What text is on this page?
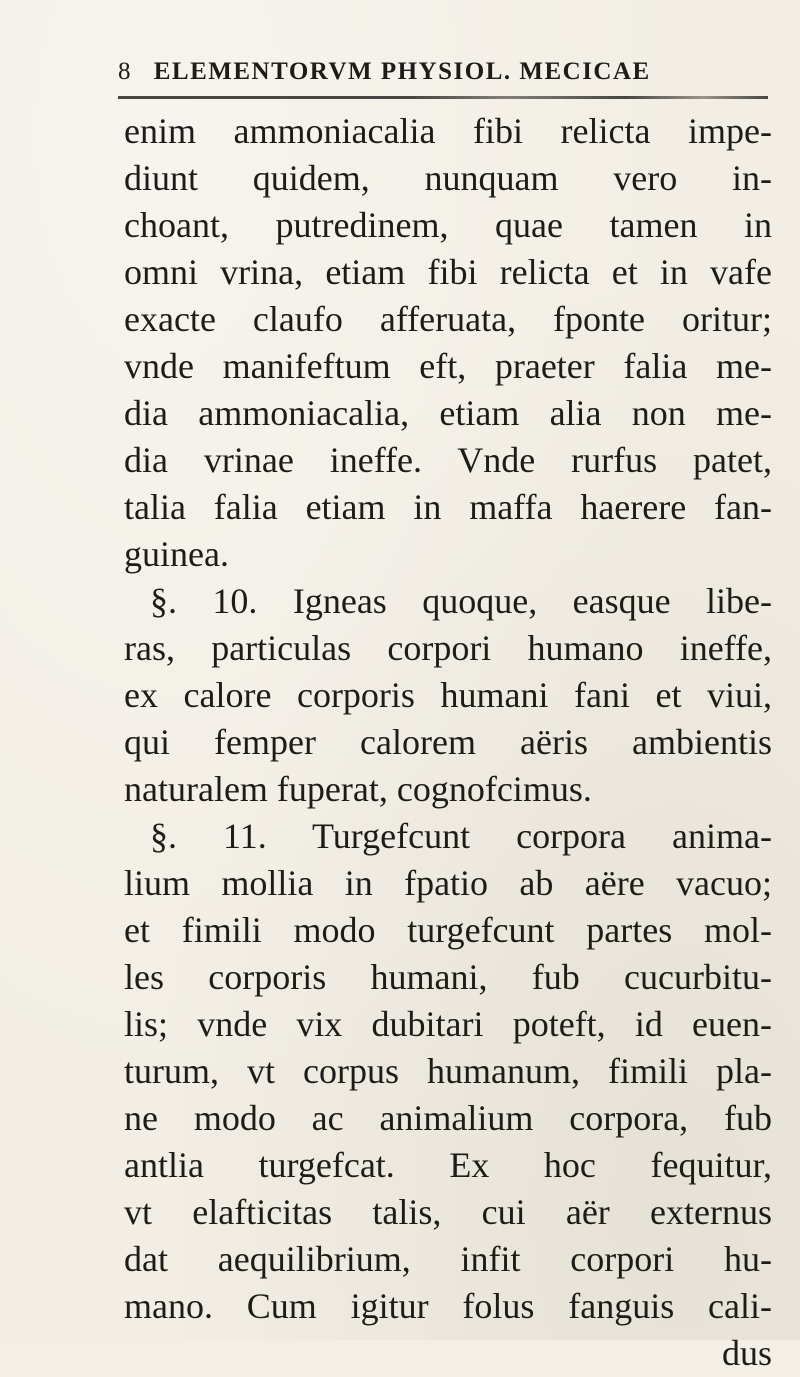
8 ELEMENTORVM PHYSIOL. MECICAE
enim ammoniacalia fibi relicta impe-
diunt quidem, nunquam vero in-
choant, putredinem, quae tamen in
omni vrina, etiam fibi relicta et in vafe
exacte claufo afferuata, fponte oritur;
vnde manifeftum eft, praeter falia me-
dia ammoniacalia, etiam alia non me-
dia vrinae ineffe. Vnde rurfus patet,
talia falia etiam in maffa haerere fan-
guinea.
§. 10. Igneas quoque, easque libe-
ras, particulas corpori humano ineffe,
ex calore corporis humani fani et viui,
qui femper calorem aëris ambientis
naturalem fuperat, cognofcimus.
§. 11. Turgefcunt corpora anima-
lium mollia in fpatio ab aëre vacuo;
et fimili modo turgefcunt partes mol-
les corporis humani, fub cucurbitu-
lis; vnde vix dubitari poteft, id euen-
turum, vt corpus humanum, fimili pla-
ne modo ac animalium corpora, fub
antlia turgefcat. Ex hoc fequitur,
vt elafticitas talis, cui aër externus
dat aequilibrium, infit corpori hu-
mano. Cum igitur folus fanguis cali-
dus
